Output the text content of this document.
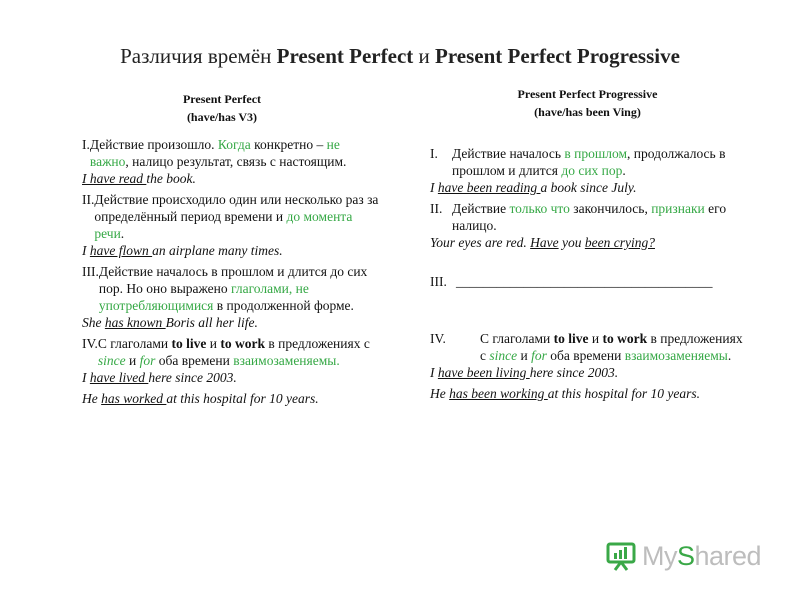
Различия времён Present Perfect и Present Perfect Progressive
Present Perfect
(have/has V3)
I. Действие произошло. Когда конкретно – не важно, налицо результат, связь с настоящим.

I have read the book.

II. Действие происходило один или несколько раз за определённый период времени и до момента речи.

I have flown an airplane many times.

III. Действие началось в прошлом и длится до сих пор. Но оно выражено глаголами, не употребляющимися в продолженной форме.

She has known Boris all her life.

IV. С глаголами to live и to work в предложениях с since и for оба времени взаимозаменяемы.

I have lived here since 2003.

He has worked at this hospital for 10 years.

Present Perfect Progressive
(have/has been Ving)
I.	Действие началось в прошлом, продолжалось в прошлом и длится до сих пор.

I have been reading a book since July.

II. Действие только что закончилось, признаки его налицо.

Your eyes are red. Have you been crying?

III. ______________________________________
IV.	С глаголами to live и to work в предложениях с since и for оба времени взаимозаменяемы.

I have been living here since 2003.

He has been working at this hospital for 10 years.

MyShared
